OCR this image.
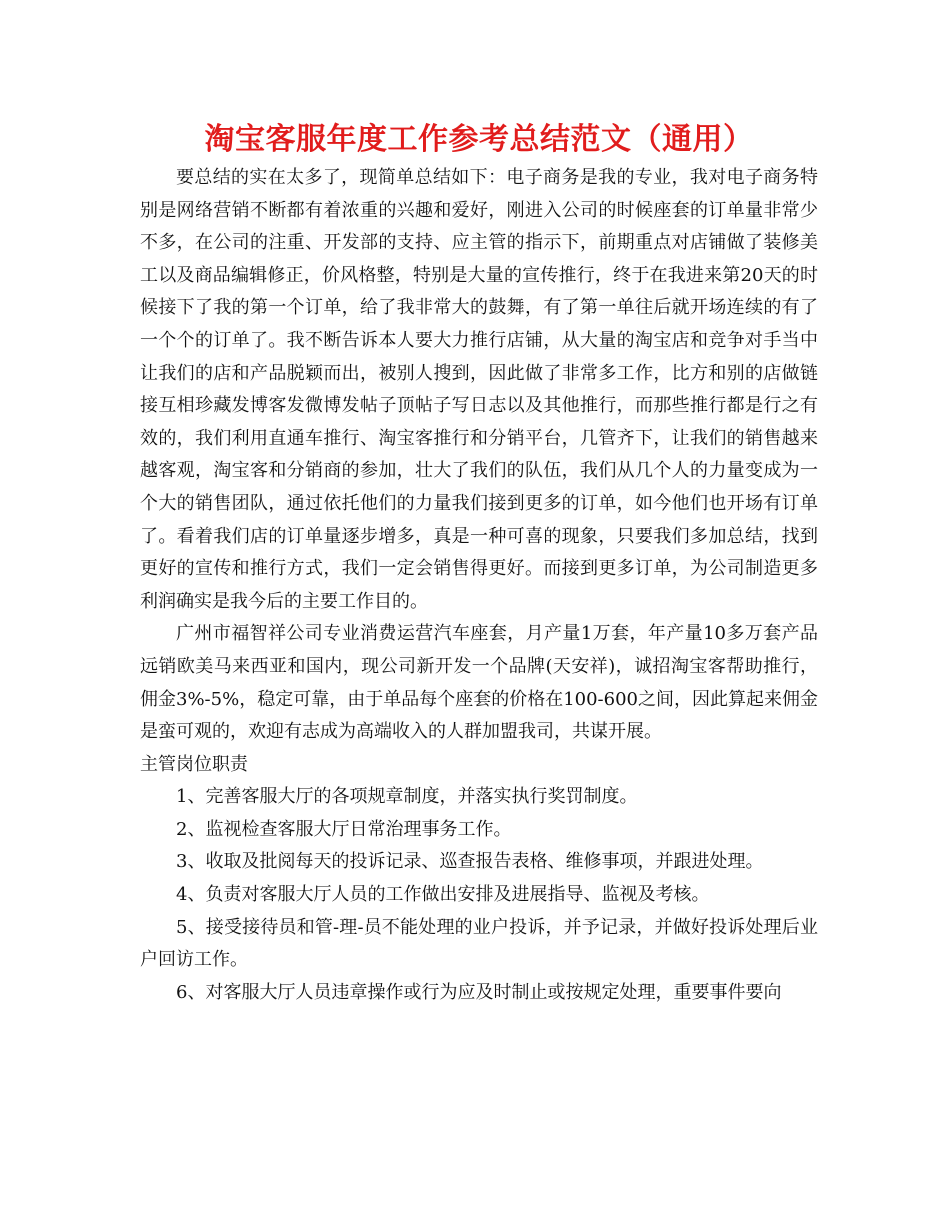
淘宝客服年度工作参考总结范文（通用）

要总结的实在太多了，现简单总结如下：电子商务是我的专业，我对电子商务特别是网络营销不断都有着浓重的兴趣和爱好，刚进入公司的时候座套的订单量非常少不多，在公司的注重、开发部的支持、应主管的指示下，前期重点对店铺做了装修美工以及商品编辑修正，价风格整，特别是大量的宣传推行，终于在我进来第20天的时候接下了我的第一个订单，给了我非常大的鼓舞，有了第一单往后就开场连续的有了一个个的订单了。我不断告诉本人要大力推行店铺，从大量的淘宝店和竞争对手当中让我们的店和产品脱颖而出，被别人搜到，因此做了非常多工作，比方和别的店做链接互相珍藏发博客发微博发帖子顶帖子写日志以及其他推行，而那些推行都是行之有效的，我们利用直通车推行、淘宝客推行和分销平台，几管齐下，让我们的销售越来越客观，淘宝客和分销商的参加，壮大了我们的队伍，我们从几个人的力量变成为一个大的销售团队，通过依托他们的力量我们接到更多的订单，如今他们也开场有订单了。看着我们店的订单量逐步增多，真是一种可喜的现象，只要我们多加总结，找到更好的宣传和推行方式，我们一定会销售得更好。而接到更多订单，为公司制造更多利润确实是我今后的主要工作目的。

广州市福智祥公司专业消费运营汽车座套，月产量1万套，年产量10多万套产品远销欧美马来西亚和国内，现公司新开发一个品牌(天安祥)，诚招淘宝客帮助推行，佣金3%-5%，稳定可靠，由于单品每个座套的价格在100-600之间，因此算起来佣金是蛮可观的，欢迎有志成为高端收入的人群加盟我司，共谋开展。

主管岗位职责

1、完善客服大厅的各项规章制度，并落实执行奖罚制度。

2、监视检查客服大厅日常治理事务工作。

3、收取及批阅每天的投诉记录、巡查报告表格、维修事项，并跟进处理。

4、负责对客服大厅人员的工作做出安排及进展指导、监视及考核。

5、接受接待员和管-理-员不能处理的业户投诉，并予记录，并做好投诉处理后业户回访工作。

6、对客服大厅人员违章操作或行为应及时制止或按规定处理，重要事件要向
